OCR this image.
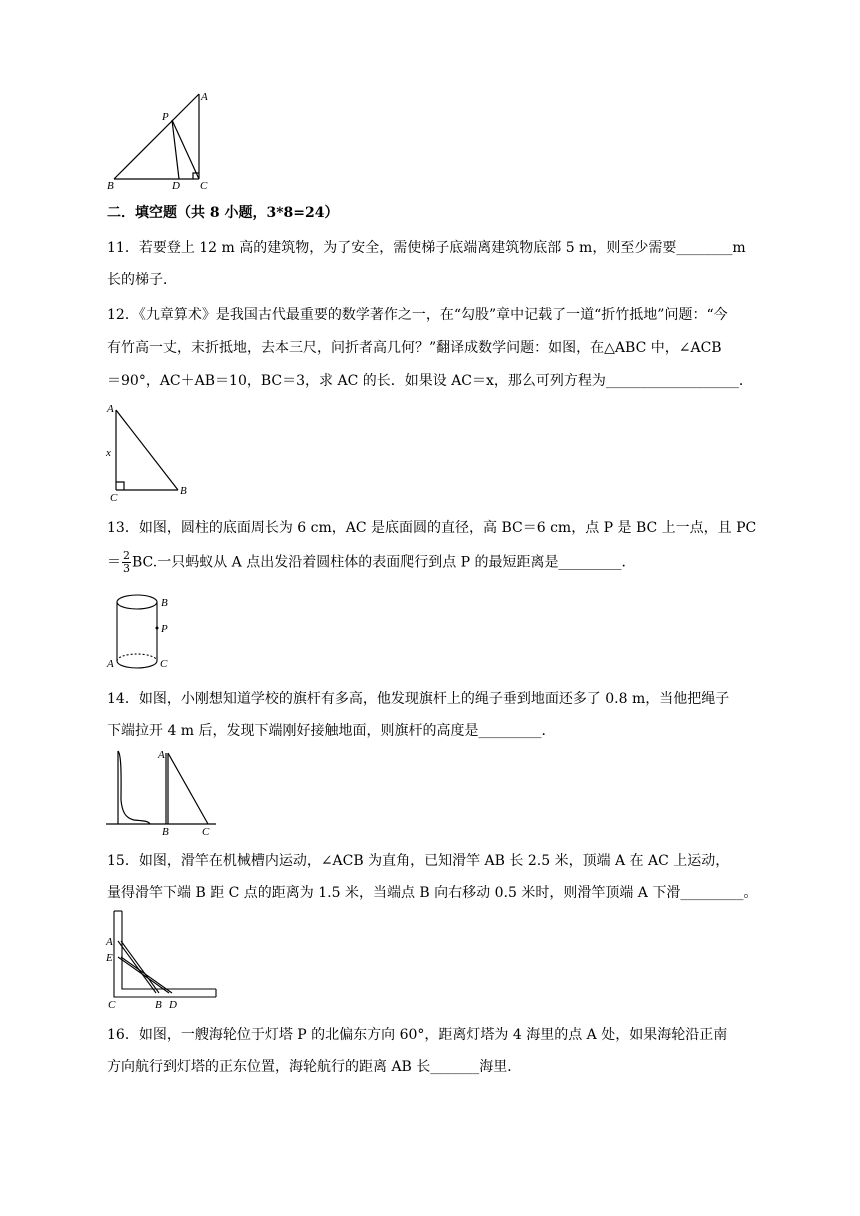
A
P
B	D C
二．填空题（共 8 小题，3*8=24）
11．若要登上 12 m 高的建筑物，为了安全，需使梯子底端离建筑物底部 5 m，则至少需要________m
长的梯子．
12．《九章算术》是我国古代最重要的数学著作之一，在“勾股”章中记载了一道“折竹抵地”问题：“今
有竹高一丈，末折抵地，去本三尺，问折者高几何？”翻译成数学问题：如图，在△ABC 中，∠ACB
＝90°，AC＋AB＝10，BC＝3，求 AC 的长．如果设 AC＝x，那么可列方程为___________________．
A
x
C
B
13．如图，圆柱的底面周长为 6 cm，AC 是底面圆的直径，高 BC＝6 cm，点 P 是 BC 上一点，且 PC
＝ $\frac{2}{3}$ BC.一只蚂蚁从 A 点出发沿着圆柱体的表面爬行到点 P 的最短距离是_________．
B
P
A	C
14．如图，小刚想知道学校的旗杆有多高，他发现旗杆上的绳子垂到地面还多了 0.8 m，当他把绳子
下端拉开 4 m 后，发现下端刚好接触地面，则旗杆的高度是_________．
A
B	C
15．如图，滑竿在机械槽内运动，∠ACB 为直角，已知滑竿 AB 长 2.5 米，顶端 A 在 AC 上运动，
量得滑竿下端 B 距 C 点的距离为 1.5 米，当端点 B 向右移动 0.5 米时，则滑竿顶端 A 下滑_________。
A
E
C	B D
16．如图，一艘海轮位于灯塔 P 的北偏东方向 60°，距离灯塔为 4 海里的点 A 处，如果海轮沿正南
方向航行到灯塔的正东位置，海轮航行的距离 AB 长_______海里．
